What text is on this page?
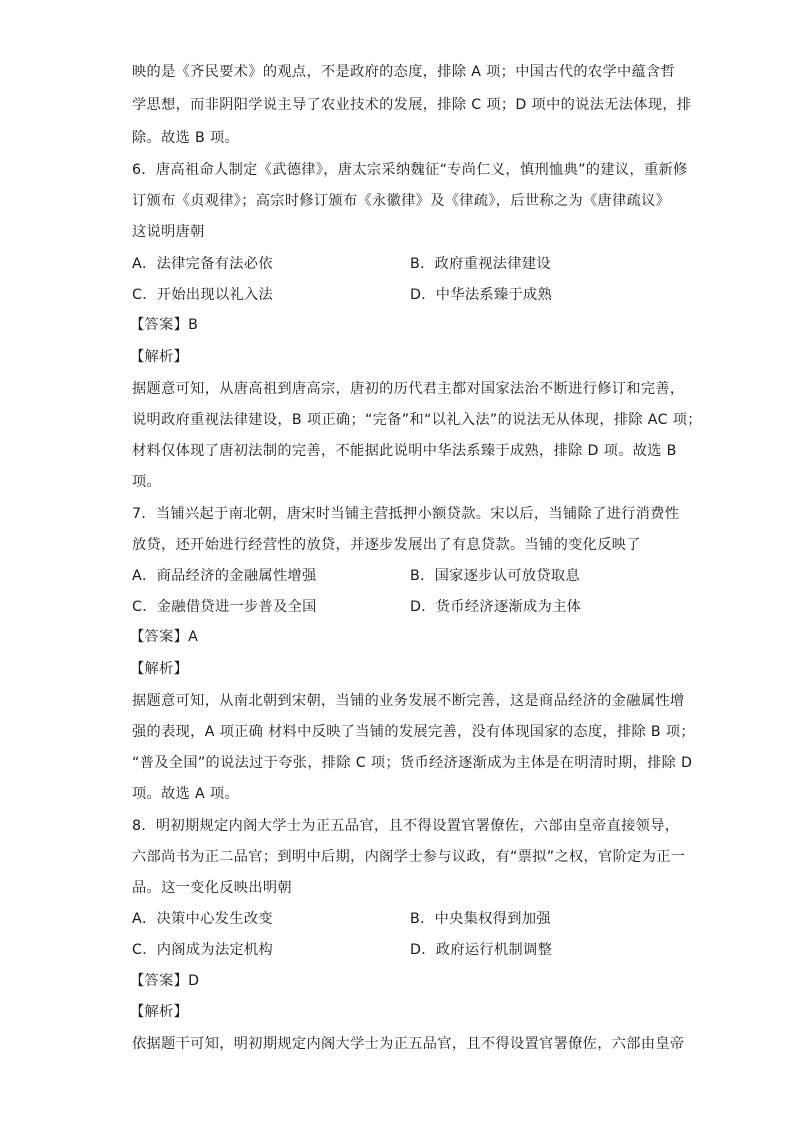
映的是《齐民要术》的观点，不是政府的态度，排除 A 项；中国古代的农学中蕴含哲
学思想，而非阴阳学说主导了农业技术的发展，排除 C 项；D 项中的说法无法体现，排
除。故选 B 项。
6．唐高祖命人制定《武德律》，唐太宗采纳魏征“专尚仁义，慎刑恤典”的建议，重新修
订颁布《贞观律》；高宗时修订颁布《永徽律》及《律疏》，后世称之为《唐律疏议》
这说明唐朝
A．法律完备有法必依	B．政府重视法律建设
C．开始出现以礼入法	D．中华法系臻于成熟
【答案】B
【解析】
据题意可知，从唐高祖到唐高宗，唐初的历代君主都对国家法治不断进行修订和完善，
说明政府重视法律建设，B 项正确；“完备”和“以礼入法”的说法无从体现，排除 AC 项；
材料仅体现了唐初法制的完善，不能据此说明中华法系臻于成熟，排除 D 项。故选 B
项。
7．当铺兴起于南北朝，唐宋时当铺主营抵押小额贷款。宋以后，当铺除了进行消费性
放贷，还开始进行经营性的放贷，并逐步发展出了有息贷款。当铺的变化反映了
A．商品经济的金融属性增强	B．国家逐步认可放贷取息
C．金融借贷进一步普及全国	D．货币经济逐渐成为主体
【答案】A
【解析】
据题意可知，从南北朝到宋朝，当铺的业务发展不断完善，这是商品经济的金融属性增
强的表现，A 项正确 材料中反映了当铺的发展完善，没有体现国家的态度，排除 B 项；
“普及全国”的说法过于夸张，排除 C 项；货币经济逐渐成为主体是在明清时期，排除 D
项。故选 A 项。
8．明初期规定内阁大学士为正五品官，且不得设置官署僚佐，六部由皇帝直接领导，
六部尚书为正二品官；到明中后期，内阁学士参与议政，有“票拟”之权，官阶定为正一
品。这一变化反映出明朝
A．决策中心发生改变	B．中央集权得到加强
C．内阁成为法定机构	D．政府运行机制调整
【答案】D
【解析】
依据题干可知，明初期规定内阁大学士为正五品官，且不得设置官署僚佐，六部由皇帝
